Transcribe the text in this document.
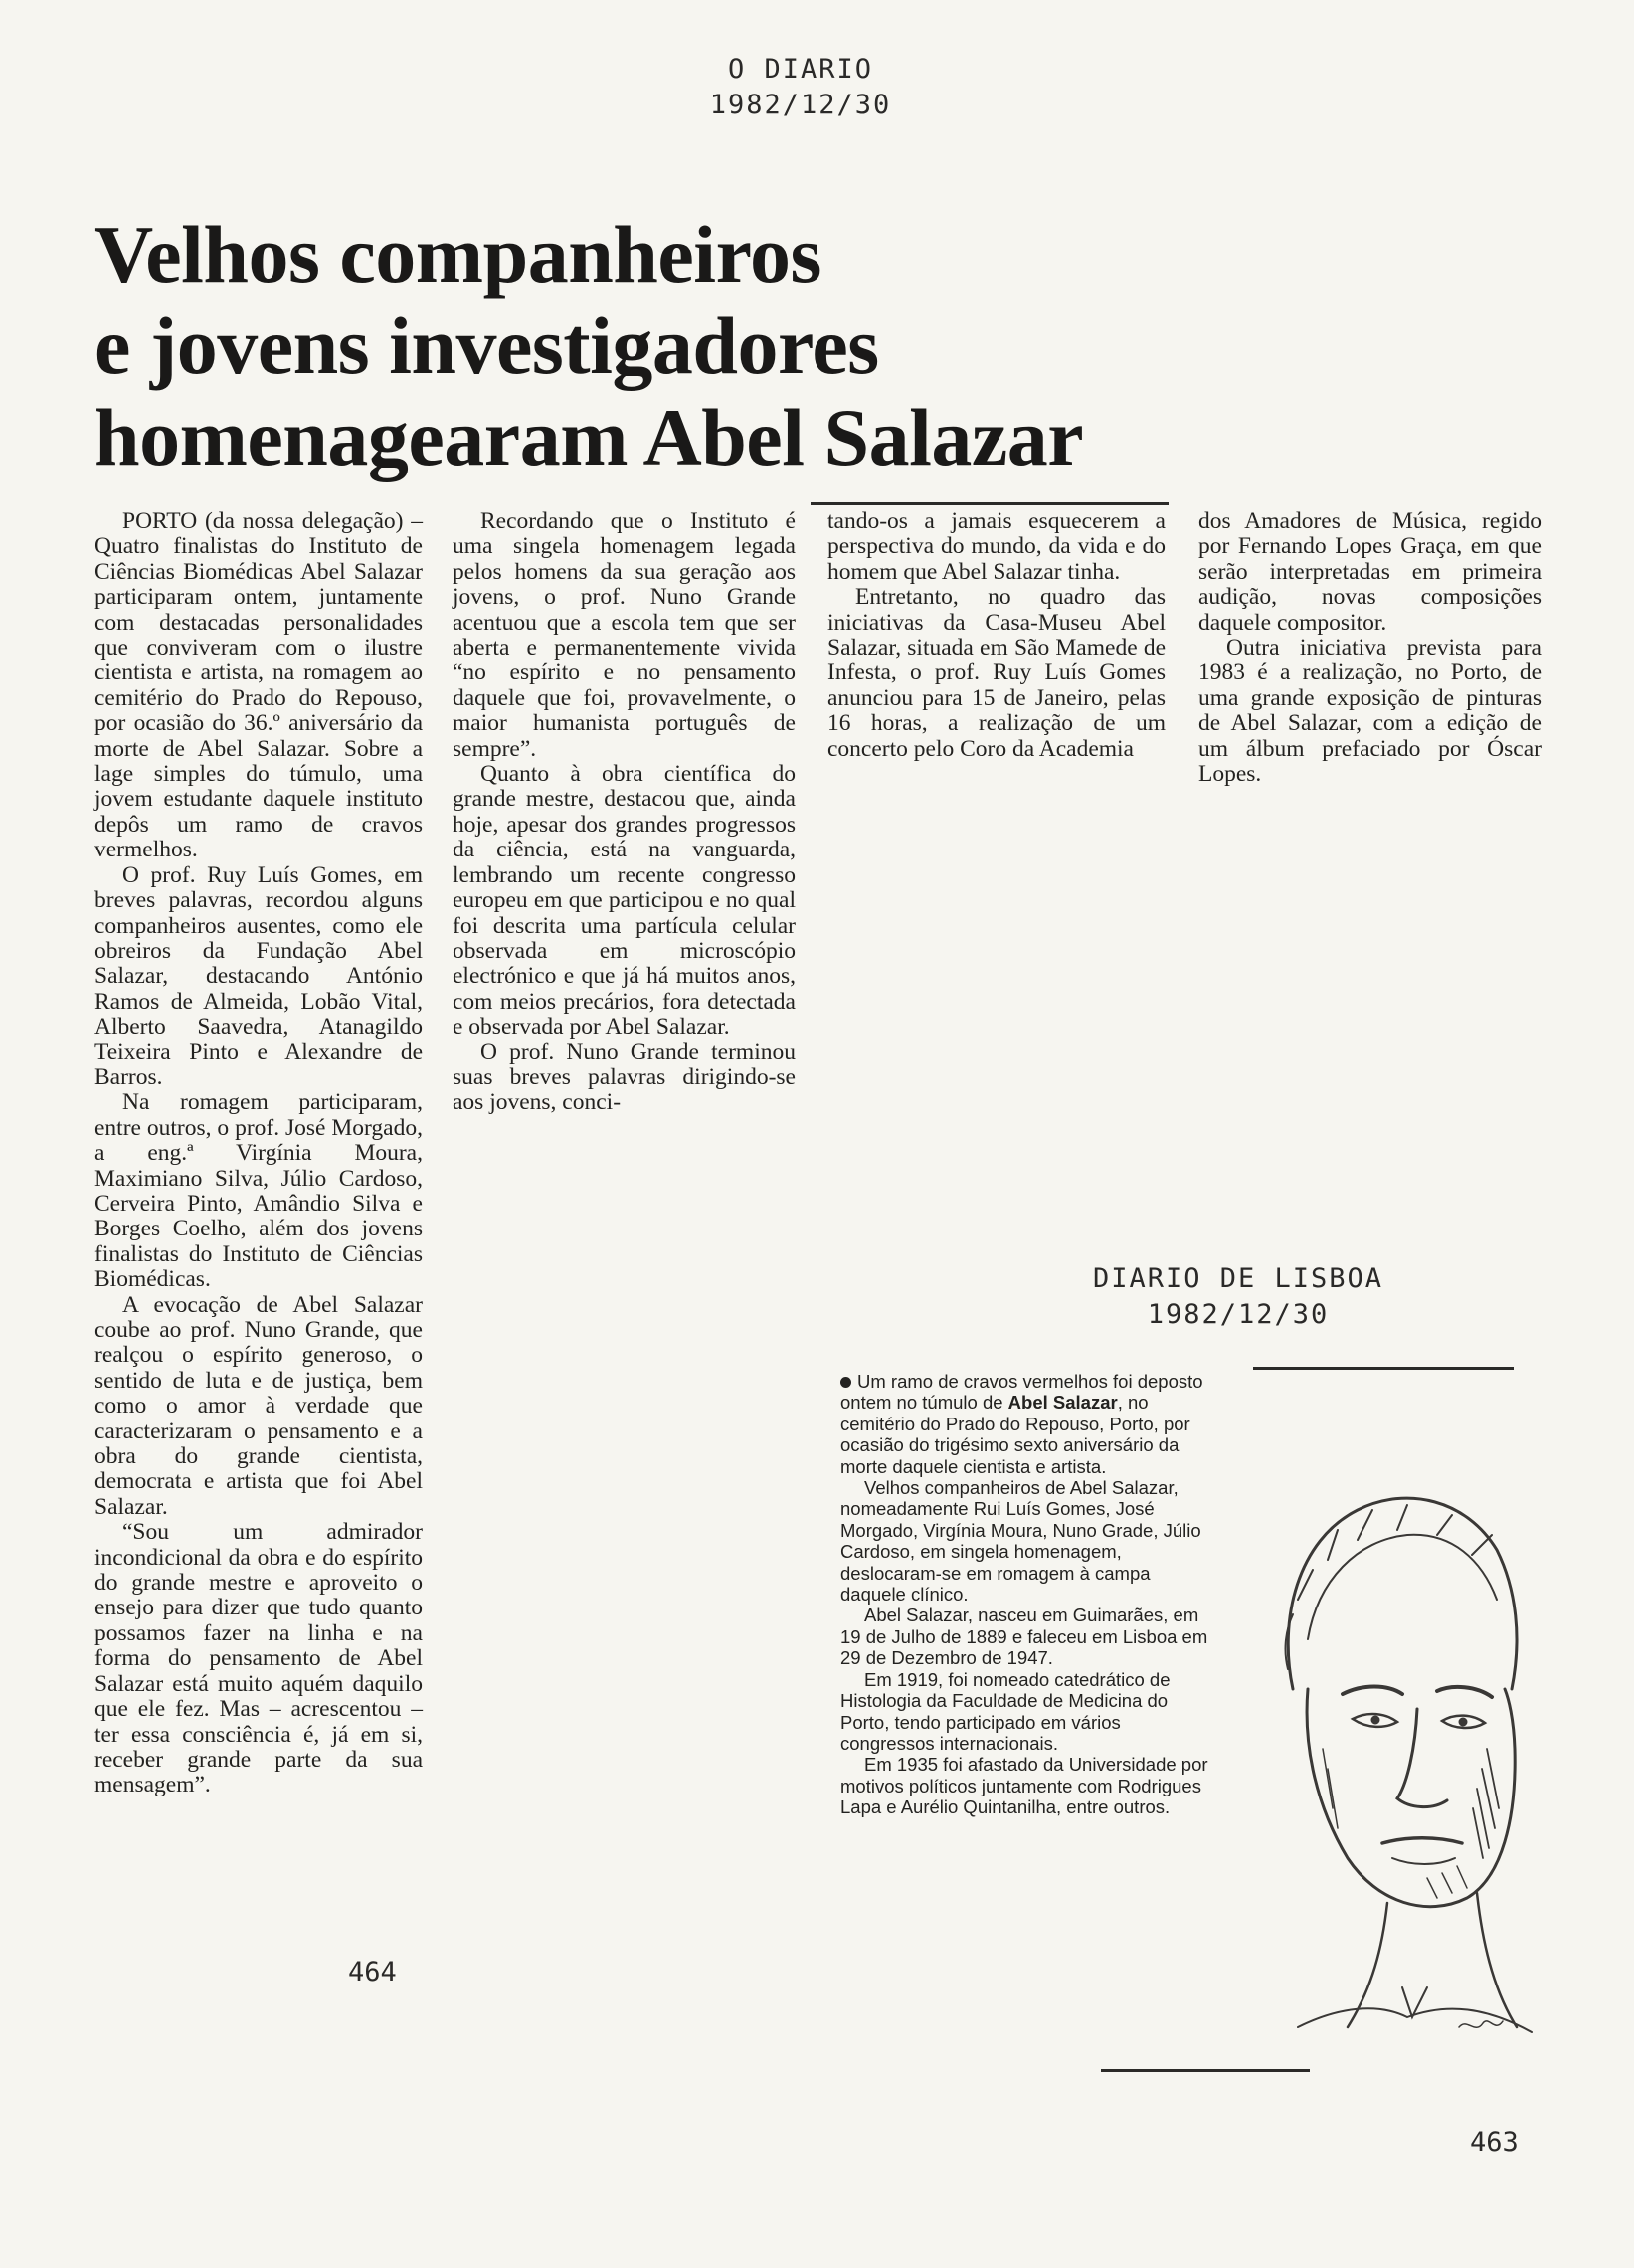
O DIARIO
1982/12/30
Velhos companheiros
e jovens investigadores
homenagearam Abel Salazar

PORTO (da nossa delegação) – Quatro finalistas do Instituto de Ciências Biomédicas Abel Salazar participaram ontem, juntamente com destacadas personalidades que conviveram com o ilustre cientista e artista, na romagem ao cemitério do Prado do Repouso, por ocasião do 36.º aniversário da morte de Abel Salazar. Sobre a lage simples do túmulo, uma jovem estudante daquele instituto depôs um ramo de cravos vermelhos.

O prof. Ruy Luís Gomes, em breves palavras, recordou alguns companheiros ausentes, como ele obreiros da Fundação Abel Salazar, destacando António Ramos de Almeida, Lobão Vital, Alberto Saavedra, Atanagildo Teixeira Pinto e Alexandre de Barros.

Na romagem participaram, entre outros, o prof. José Morgado, a eng.ª Virgínia Moura, Maximiano Silva, Júlio Cardoso, Cerveira Pinto, Amândio Silva e Borges Coelho, além dos jovens finalistas do Instituto de Ciências Biomédicas.

A evocação de Abel Salazar coube ao prof. Nuno Grande, que realçou o espírito generoso, o sentido de luta e de justiça, bem como o amor à verdade que caracterizaram o pensamento e a obra do grande cientista, democrata e artista que foi Abel Salazar.

“Sou um admirador incondicional da obra e do espírito do grande mestre e aproveito o ensejo para dizer que tudo quanto possamos fazer na linha e na forma do pensamento de Abel Salazar está muito aquém daquilo que ele fez. Mas – acrescentou – ter essa consciência é, já em si, receber grande parte da sua mensagem”.

Recordando que o Instituto é uma singela homenagem legada pelos homens da sua geração aos jovens, o prof. Nuno Grande acentuou que a escola tem que ser aberta e permanentemente vivida “no espírito e no pensamento daquele que foi, provavelmente, o maior humanista português de sempre”.

Quanto à obra científica do grande mestre, destacou que, ainda hoje, apesar dos grandes progressos da ciência, está na vanguarda, lembrando um recente congresso europeu em que participou e no qual foi descrita uma partícula celular observada em microscópio electrónico e que já há muitos anos, com meios precários, fora detectada e observada por Abel Salazar.

O prof. Nuno Grande terminou suas breves palavras dirigindo-se aos jovens, conci-

tando-os a jamais esquecerem a perspectiva do mundo, da vida e do homem que Abel Salazar tinha.

Entretanto, no quadro das iniciativas da Casa-Museu Abel Salazar, situada em São Mamede de Infesta, o prof. Ruy Luís Gomes anunciou para 15 de Janeiro, pelas 16 horas, a realização de um concerto pelo Coro da Academia

dos Amadores de Música, regido por Fernando Lopes Graça, em que serão interpretadas em primeira audição, novas composições daquele compositor.

Outra iniciativa prevista para 1983 é a realização, no Porto, de uma grande exposição de pinturas de Abel Salazar, com a edição de um álbum prefaciado por Óscar Lopes.

464
DIARIO DE LISBOA
1982/12/30

Um ramo de cravos vermelhos foi deposto ontem no túmulo de Abel Salazar, no cemitério do Prado do Repouso, Porto, por ocasião do trigésimo sexto aniversário da morte daquele cientista e artista.

Velhos companheiros de Abel Salazar, nomeadamente Rui Luís Gomes, José Morgado, Virgínia Moura, Nuno Grade, Júlio Cardoso, em singela homenagem, deslocaram-se em romagem à campa daquele clínico.

Abel Salazar, nasceu em Guimarães, em 19 de Julho de 1889 e faleceu em Lisboa em 29 de Dezembro de 1947.

Em 1919, foi nomeado catedrático de Histologia da Faculdade de Medicina do Porto, tendo participado em vários congressos internacionais.

Em 1935 foi afastado da Universidade por motivos políticos juntamente com Rodrigues Lapa e Aurélio Quintanilha, entre outros.

463
